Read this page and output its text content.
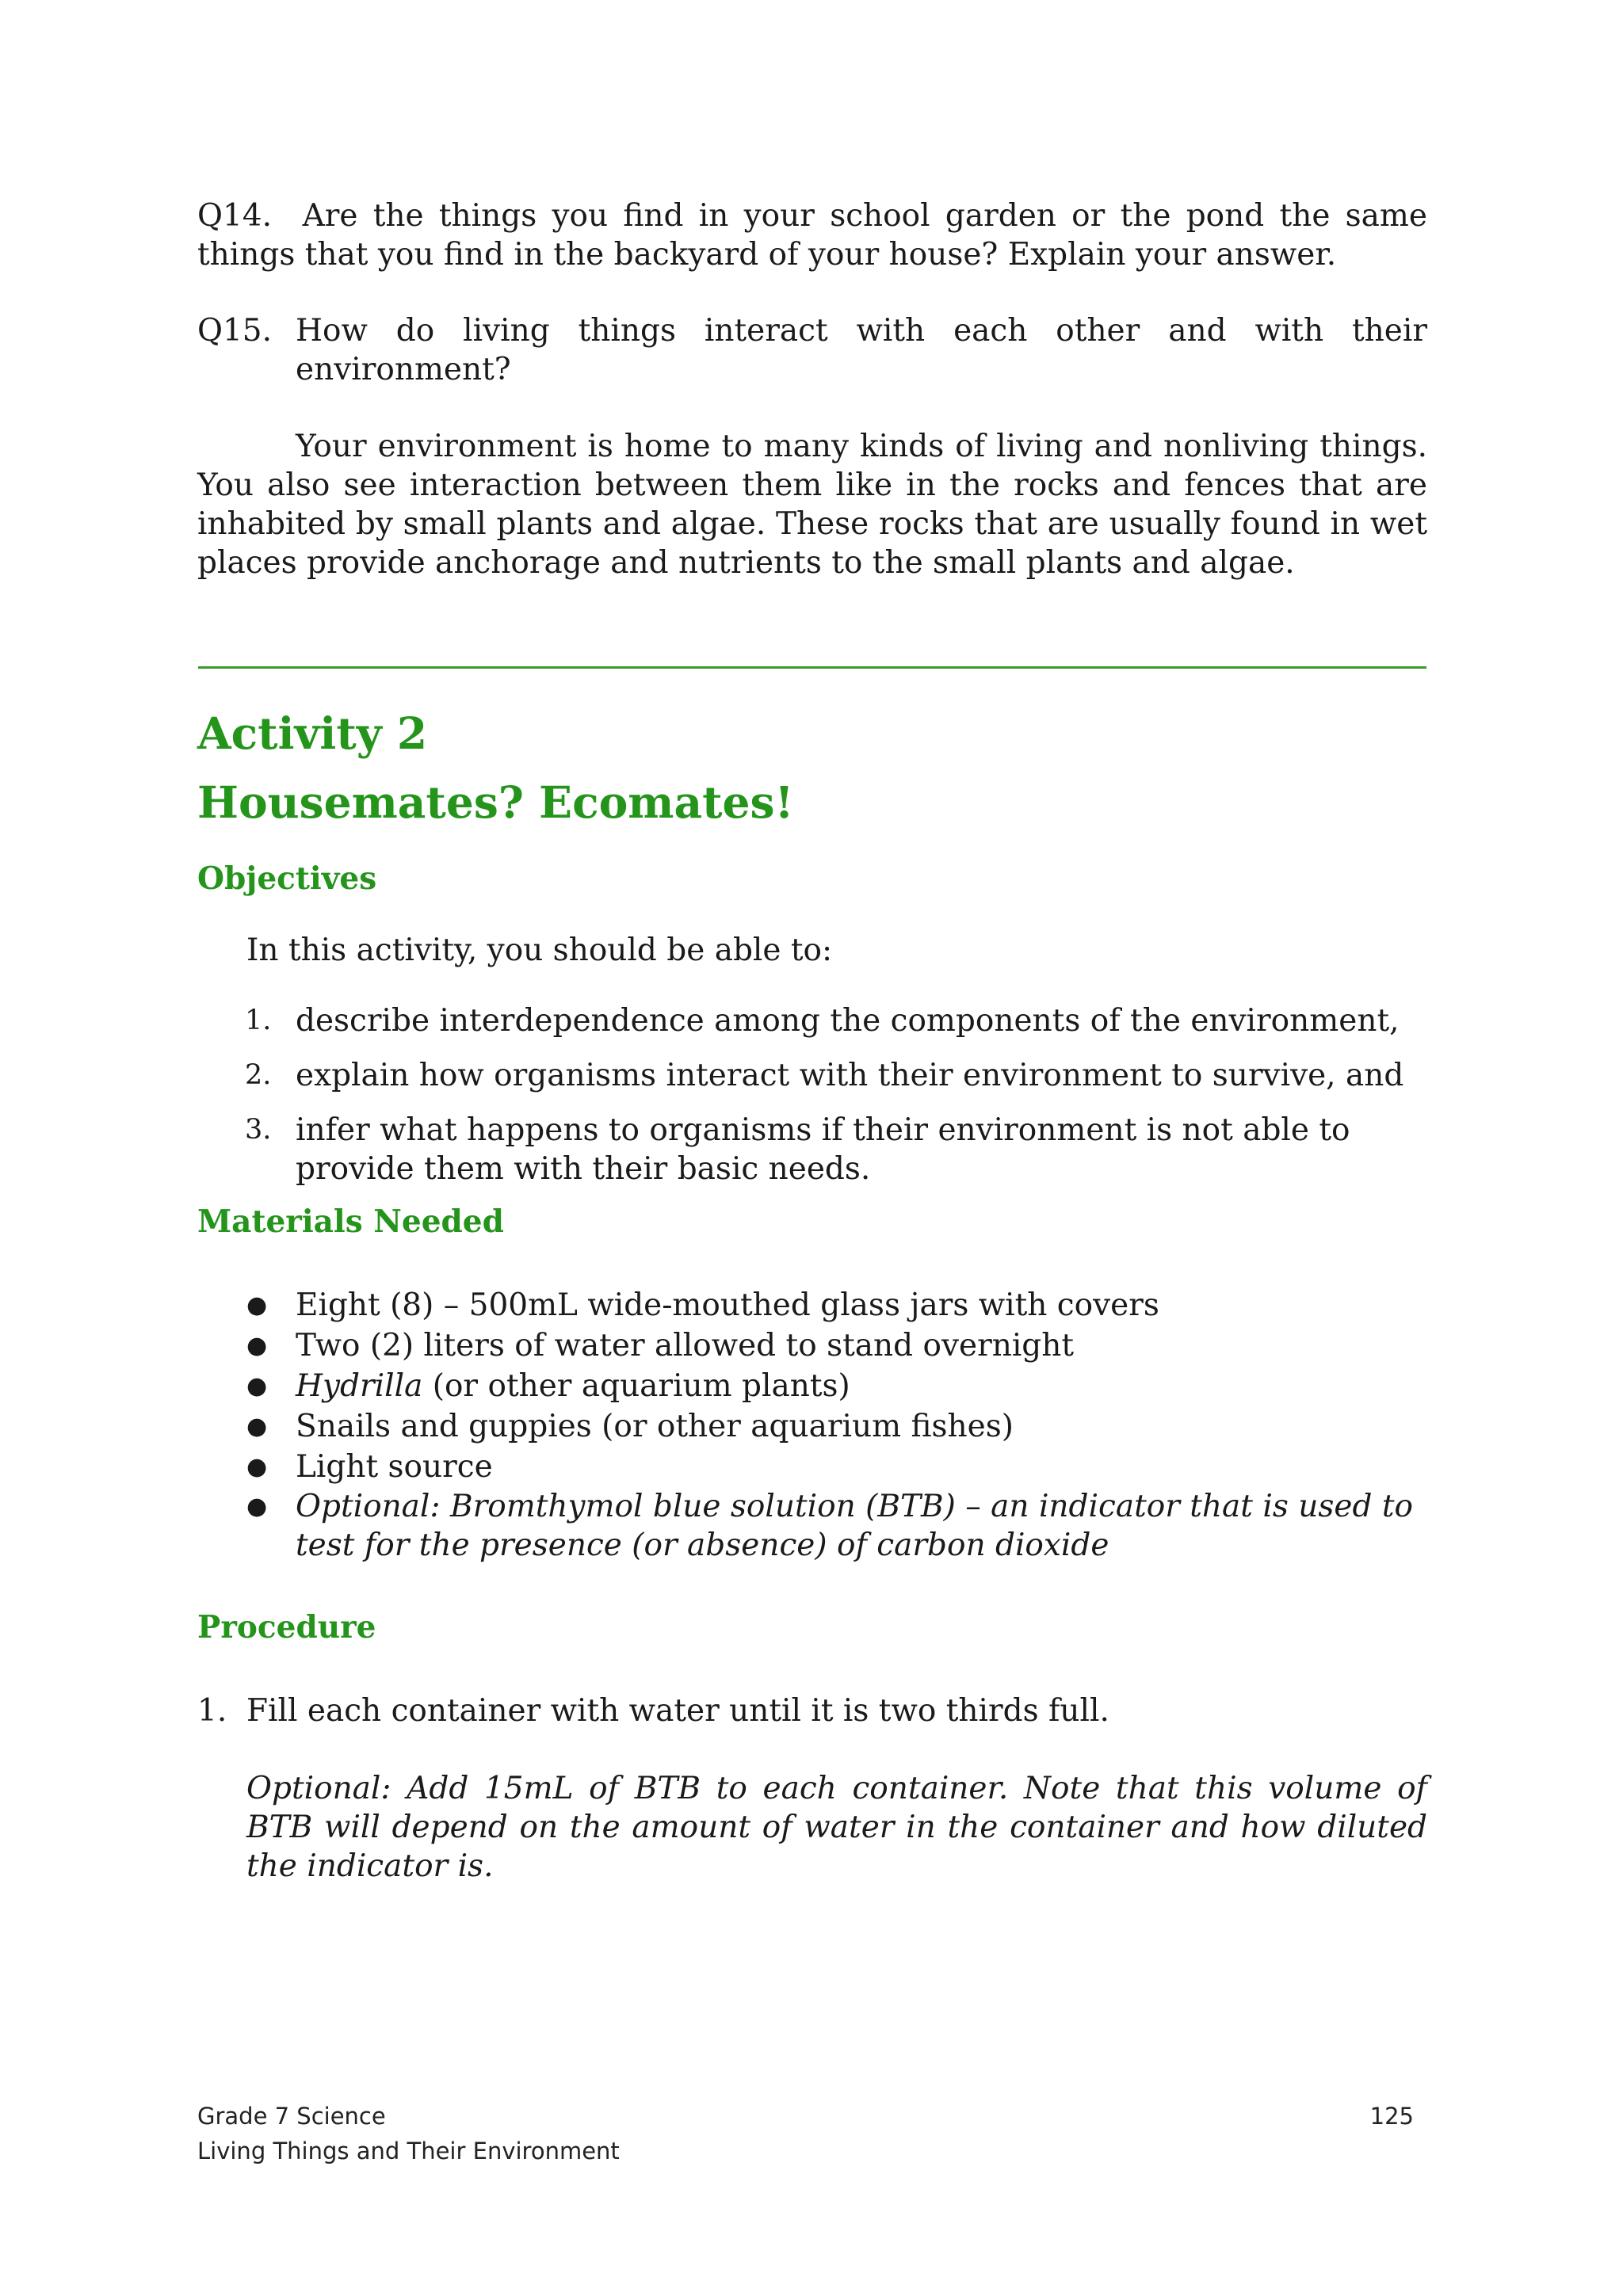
Q14. Are the things you find in your school garden or the pond the same things that you find in the backyard of your house? Explain your answer.

Q15. How do living things interact with each other and with their environment?

Your environment is home to many kinds of living and nonliving things. You also see interaction between them like in the rocks and fences that are inhabited by small plants and algae. These rocks that are usually found in wet places provide anchorage and nutrients to the small plants and algae.

Activity 2

Housemates? Ecomates!

Objectives

In this activity, you should be able to:

1. describe interdependence among the components of the environment,
2. explain how organisms interact with their environment to survive, and
3. infer what happens to organisms if their environment is not able to provide them with their basic needs.

Materials Needed

● Eight (8) – 500mL wide-mouthed glass jars with covers
● Two (2) liters of water allowed to stand overnight
● Hydrilla (or other aquarium plants)
● Snails and guppies (or other aquarium fishes)
● Light source
● Optional: Bromthymol blue solution (BTB) – an indicator that is used to test for the presence (or absence) of carbon dioxide

Procedure

1. Fill each container with water until it is two thirds full.

Optional: Add 15mL of BTB to each container. Note that this volume of BTB will depend on the amount of water in the container and how diluted the indicator is.

Grade 7 Science
Living Things and Their Environment
125
